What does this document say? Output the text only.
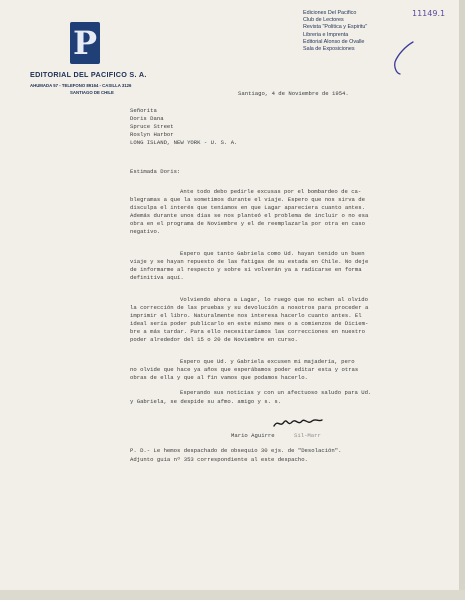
11149.1
P
EDITORIAL DEL PACIFICO S. A.
AHUMADA 57 - TELEFONO 89164 - CASILLA 3126
SANTIAGO DE CHILE
Ediciones Del Pacifico
Club de Lectores
Revista "Politica y Espiritu"
Libreria e Imprenta
Editorial Alonso de Ovalle
Sala de Exposiciones
Santiago, 4 de Noviembre de 1954.
Señorita
Doris Dana
Spruce Street
Roslyn Harbor
LONG ISLAND, NEW YORK - U. S. A.
Estimada Doris:
Ante todo debo pedirle excusas por el bombardeo de ca-
blegramas a que la sometimos durante el viaje. Espero que nos sirva de
disculpa el interés que teníamos en que Lagar apareciera cuanto antes.
Además durante unos días se nos planteó el problema de incluir o no esa
obra en el programa de Noviembre y el de reemplazarla por otra en caso
negativo.
Espero que tanto Gabriela como Ud. hayan tenido un buen
viaje y se hayan repuesto de las fatigas de su estada en Chile. No deje
de informarme al respecto y sobre si volverán ya a radicarse en forma
definitiva aquí.
Volviendo ahora a Lagar, lo ruego que no echen al olvido
la corrección de las pruebas y su devolución a nosotros para proceder a
imprimir el libro. Naturalmente nos interesa hacerlo cuanto antes. El
ideal sería poder publicarlo en este mismo mes o a comienzos de Diciem-
bre a más tardar. Para ello necesitaríamos las correcciones en nuestro
poder alrededor del 15 o 20 de Noviembre en curso.
Espero que Ud. y Gabriela excusen mi majadería, pero
no olvide que hace ya años que esperábamos poder editar esta y otras
obras de ella y que al fin vamos que podamos hacerlo.
Esperando sus noticias y con un afectuoso saludo para Ud.
y Gabriela, se despide su afmo. amigo y s. s.
Mario Aguirre	Sil-Marr
P. D.- Le hemos despachado de obsequio 30 ejs. de "Desolación".
Adjunto guía nº 353 correspondiente al este despacho.
